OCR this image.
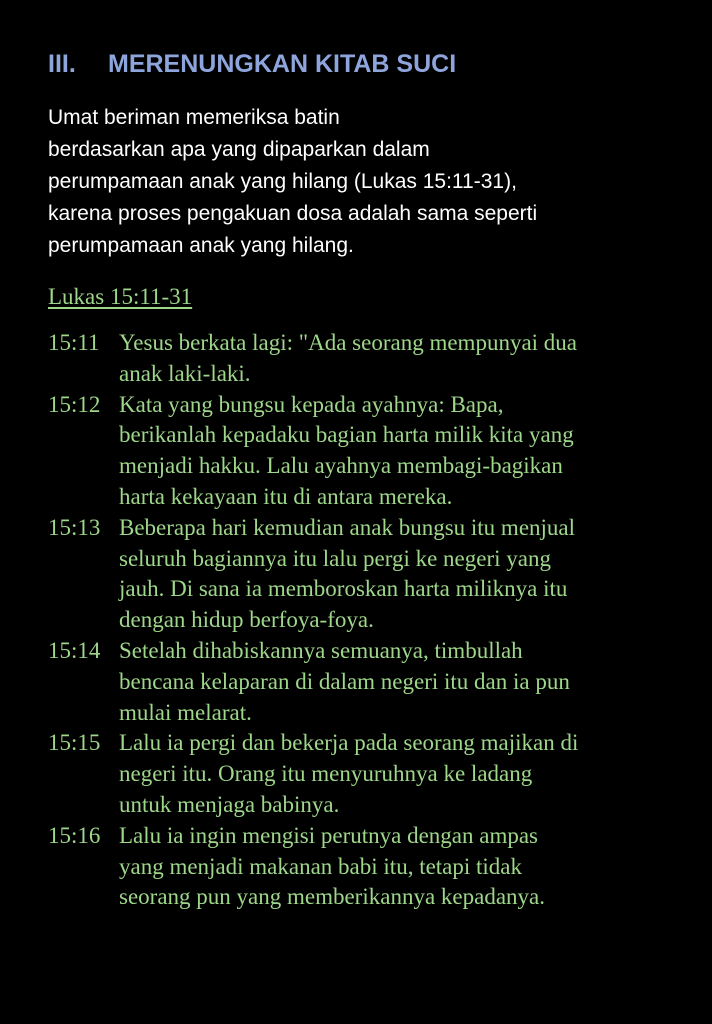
III. MERENUNGKAN KITAB SUCI
Umat beriman memeriksa batin
berdasarkan apa yang dipaparkan dalam
perumpamaan anak yang hilang (Lukas 15:11-31),
karena proses pengakuan dosa adalah sama seperti
perumpamaan anak yang hilang.
Lukas 15:11-31
15:11 Yesus berkata lagi: "Ada seorang mempunyai dua
anak laki-laki.
15:12 Kata yang bungsu kepada ayahnya: Bapa,
berikanlah kepadaku bagian harta milik kita yang
menjadi hakku. Lalu ayahnya membagi-bagikan
harta kekayaan itu di antara mereka.
15:13 Beberapa hari kemudian anak bungsu itu menjual
seluruh bagiannya itu lalu pergi ke negeri yang
jauh. Di sana ia memboroskan harta miliknya itu
dengan hidup berfoya-foya.
15:14 Setelah dihabiskannya semuanya, timbullah
bencana kelaparan di dalam negeri itu dan ia pun
mulai melarat.
15:15 Lalu ia pergi dan bekerja pada seorang majikan di
negeri itu. Orang itu menyuruhnya ke ladang
untuk menjaga babinya.
15:16 Lalu ia ingin mengisi perutnya dengan ampas
yang menjadi makanan babi itu, tetapi tidak
seorang pun yang memberikannya kepadanya.
